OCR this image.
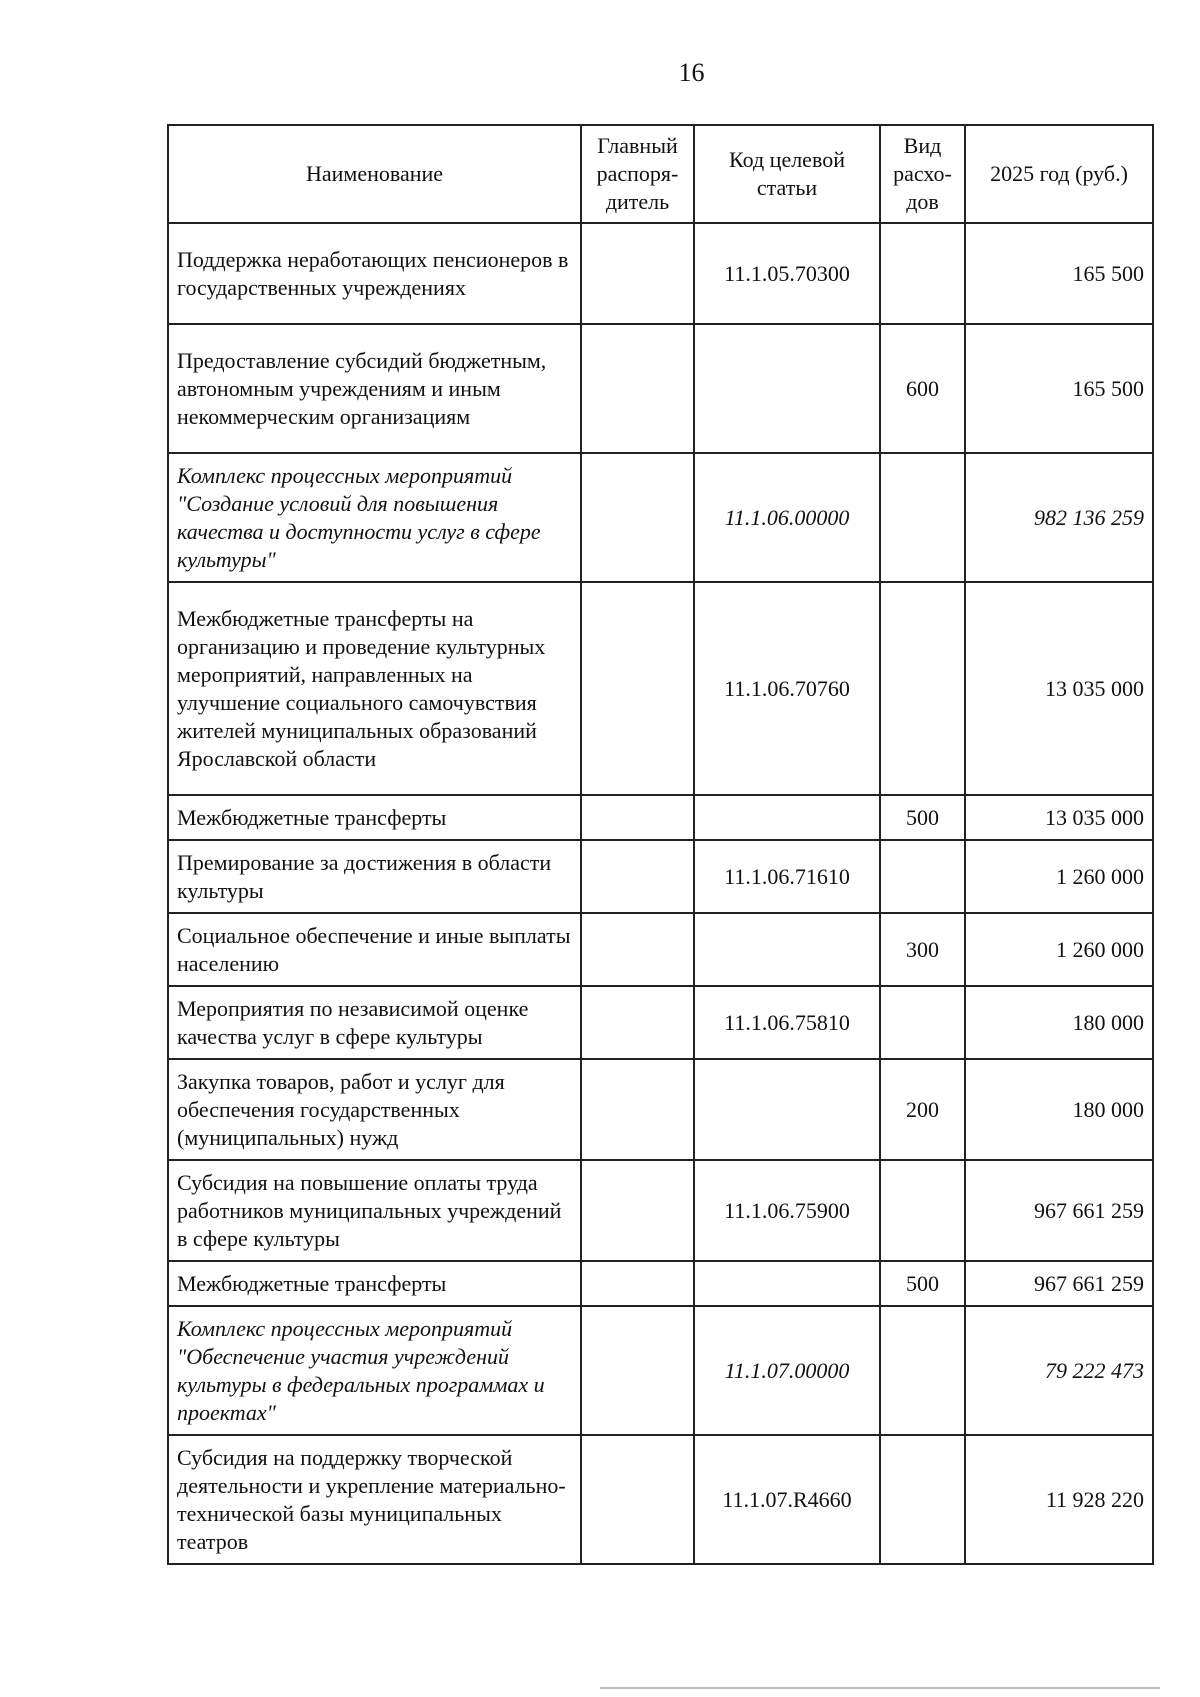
16
Наименование	Главный распоря-дитель	Код целевой статьи	Вид расхо-дов	2025 год (руб.)
Поддержка неработающих пенсионеров в государственных учреждениях		11.1.05.70300		165 500
Предоставление субсидий бюджетным, автономным учреждениям и иным некоммерческим организациям			600	165 500
Комплекс процессных мероприятий "Создание условий для повышения качества и доступности услуг в сфере культуры"		11.1.06.00000		982 136 259
Межбюджетные трансферты на организацию и проведение культурных мероприятий, направленных на улучшение социального самочувствия жителей муниципальных образований Ярославской области		11.1.06.70760		13 035 000
Межбюджетные трансферты			500	13 035 000
Премирование за достижения в области культуры		11.1.06.71610		1 260 000
Социальное обеспечение и иные выплаты населению			300	1 260 000
Мероприятия по независимой оценке качества услуг в сфере культуры		11.1.06.75810		180 000
Закупка товаров, работ и услуг для обеспечения государственных (муниципальных) нужд			200	180 000
Субсидия на повышение оплаты труда работников муниципальных учреждений в сфере культуры		11.1.06.75900		967 661 259
Межбюджетные трансферты			500	967 661 259
Комплекс процессных мероприятий "Обеспечение участия учреждений культуры в федеральных программах и проектах"		11.1.07.00000		79 222 473
Субсидия на поддержку творческой деятельности и укрепление материально-технической базы муниципальных театров		11.1.07.R4660		11 928 220
